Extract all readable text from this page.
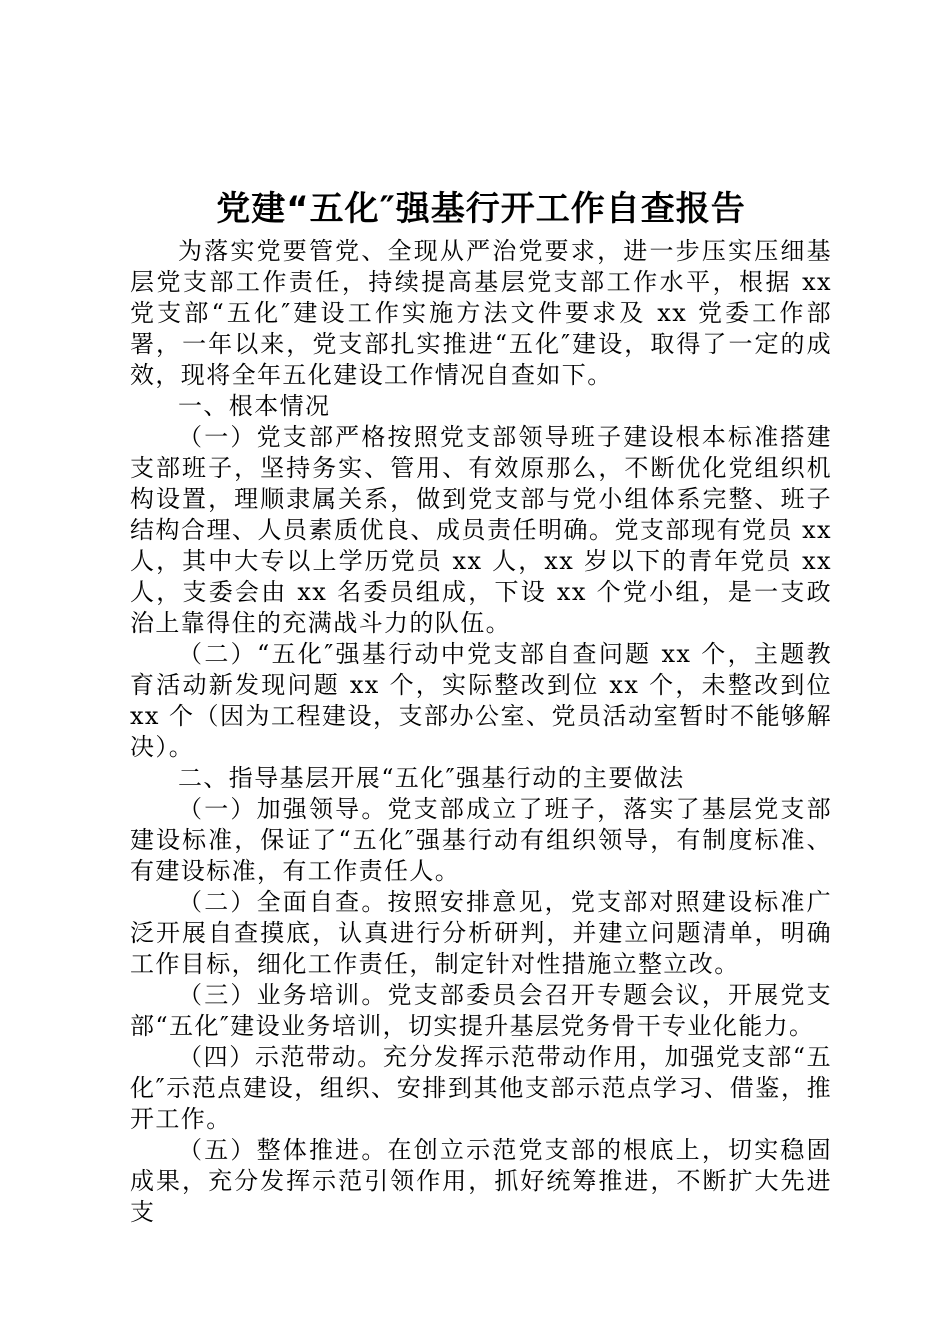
党建“五化″强基行开工作自查报告

为落实党要管党、全现从严治党要求，进一步压实压细基层党支部工作责任，持续提高基层党支部工作水平，根据 xx 党支部“五化″建设工作实施方法文件要求及 xx 党委工作部署，一年以来，党支部扎实推进“五化″建设，取得了一定的成效，现将全年五化建设工作情况自查如下。

一、根本情况

（一）党支部严格按照党支部领导班子建设根本标准搭建支部班子，坚持务实、管用、有效原那么，不断优化党组织机构设置，理顺隶属关系，做到党支部与党小组体系完整、班子结构合理、人员素质优良、成员责任明确。党支部现有党员 xx 人，其中大专以上学历党员 xx 人，xx 岁以下的青年党员 xx 人，支委会由 xx 名委员组成，下设 xx 个党小组，是一支政治上靠得住的充满战斗力的队伍。

（二）“五化″强基行动中党支部自查问题 xx 个，主题教育活动新发现问题 xx 个，实际整改到位 xx 个，未整改到位 xx 个（因为工程建设，支部办公室、党员活动室暂时不能够解决）。

二、指导基层开展“五化″强基行动的主要做法

（一）加强领导。党支部成立了班子，落实了基层党支部建设标准，保证了“五化″强基行动有组织领导，有制度标准、有建设标准，有工作责任人。

（二）全面自查。按照安排意见，党支部对照建设标准广泛开展自查摸底，认真进行分析研判，并建立问题清单，明确工作目标，细化工作责任，制定针对性措施立整立改。

（三）业务培训。党支部委员会召开专题会议，开展党支部“五化″建设业务培训，切实提升基层党务骨干专业化能力。

（四）示范带动。充分发挥示范带动作用，加强党支部“五化″示范点建设，组织、安排到其他支部示范点学习、借鉴，推开工作。

（五）整体推进。在创立示范党支部的根底上，切实稳固成果，充分发挥示范引领作用，抓好统筹推进，不断扩大先进支
